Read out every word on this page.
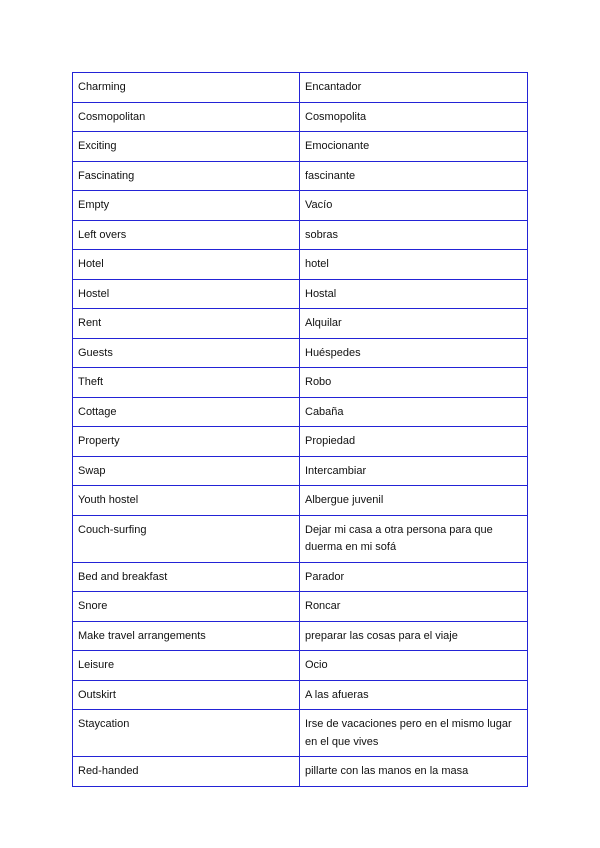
Charming	Encantador
Cosmopolitan	Cosmopolita
Exciting	Emocionante
Fascinating	fascinante
Empty	Vacío
Left overs	sobras
Hotel	hotel
Hostel	Hostal
Rent	Alquilar
Guests	Huéspedes
Theft	Robo
Cottage	Cabaña
Property	Propiedad
Swap	Intercambiar
Youth hostel	Albergue juvenil
Couch-surfing	Dejar mi casa a otra persona para que duerma en mi sofá
Bed and breakfast	Parador
Snore	Roncar
Make travel arrangements	preparar las cosas para el viaje
Leisure	Ocio
Outskirt	A las afueras
Staycation	Irse de vacaciones pero en el mismo lugar en el que vives
Red-handed	pillarte con las manos en la masa
